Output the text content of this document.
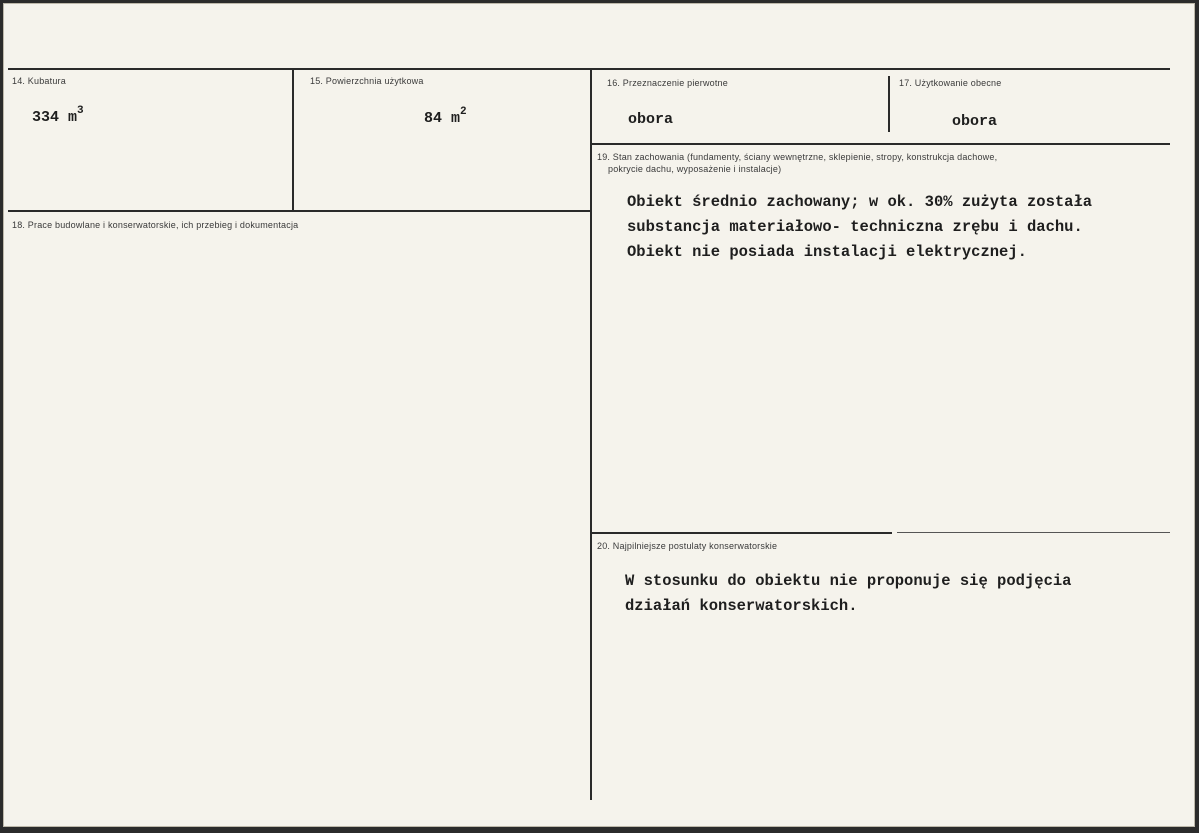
14. Kubatura
334 $m^3$
15. Powierzchnia użytkowa
84 $m^2$
16. Przeznaczenie pierwotne
obora
17. Użytkowanie obecne
obora
18. Prace budowlane i konserwatorskie, ich przebieg i dokumentacja
19. Stan zachowania (fundamenty, ściany wewnętrzne, sklepienie, stropy, konstrukcja dachowe,
pokrycie dachu, wyposażenie i instalacje)
Obiekt średnio zachowany; w ok. 30% zużyta została
substancja materiałowo- techniczna zrębu i dachu.
Obiekt nie posiada instalacji elektrycznej.
20. Najpilniejsze postulaty konserwatorskie
W stosunku do obiektu nie proponuje się podjęcia
działań konserwatorskich.
